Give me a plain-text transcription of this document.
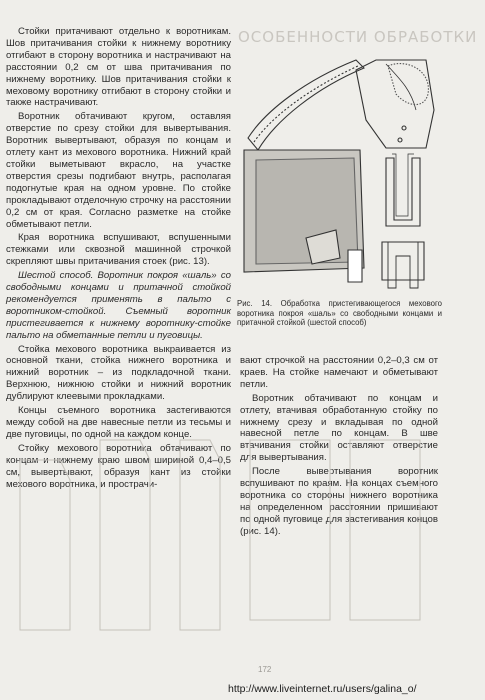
ОСОБЕННОСТИ ОБРАБОТКИ

Стойки притачивают отдельно к воротникам. Шов притачивания стойки к нижнему воротнику отгибают в сторону воротника и настрачивают на расстоянии 0,2 см от шва притачивания по нижнему воротнику. Шов притачивания стойки к меховому воротнику отгибают в сторону стойки и также настрачивают.

Воротник обтачивают кругом, оставляя отверстие по срезу стойки для вывертывания. Воротник вывертывают, образуя по концам и отлету кант из мехового воротника. Нижний край стойки выметывают вкрасло, на участке отверстия срезы подгибают внутрь, располагая подогнутые края на одном уровне. По стойке прокладывают отделочную строчку на расстоянии 0,2 см от края. Согласно разметке на стойке обметывают петли.

Края воротника вспушивают, вспушенными стежками или сквозной машинной строчкой скрепляют швы притачивания стоек (рис. 13).

Шестой способ. Воротник покроя «шаль» со свободными концами и притачной стойкой рекомендуется применять в пальто с воротником-стойкой. Съемный воротник пристегивается к нижнему воротнику-стойке пальто на обметанные петли и пуговицы.

Стойка мехового воротника выкраивается из основной ткани, стойка нижнего воротника и нижний воротник – из подкладочной ткани. Верхнюю, нижнюю стойки и нижний воротник дублируют клеевыми прокладками.

Концы съемного воротника застегиваются между собой на две навесные петли из тесьмы и две пуговицы, по одной на каждом конце.

Стойку мехового воротника обтачивают по концам и нижнему краю швом шириной 0,4–0,5 см, вывертывают, образуя кант из стойки мехового воротника, и прострачи-

Рис. 14. Обработка пристегивающегося мехового воротника покроя «шаль» со свободными концами и притачной стойкой (шестой способ)

вают строчкой на расстоянии 0,2–0,3 см от краев. На стойке намечают и обметывают петли.

Воротник обтачивают по концам и отлету, втачивая обработанную стойку по нижнему срезу и вкладывая по одной навесной петле по концам. В шве втачивания стойки оставляют отверстие для вывертывания.

После вывертывания воротник вспушивают по краям. На концах съемного воротника со стороны нижнего воротника на определенном расстоянии пришивают по одной пуговице для застегивания концов (рис. 14).

172
http://www.liveinternet.ru/users/galina_o/
